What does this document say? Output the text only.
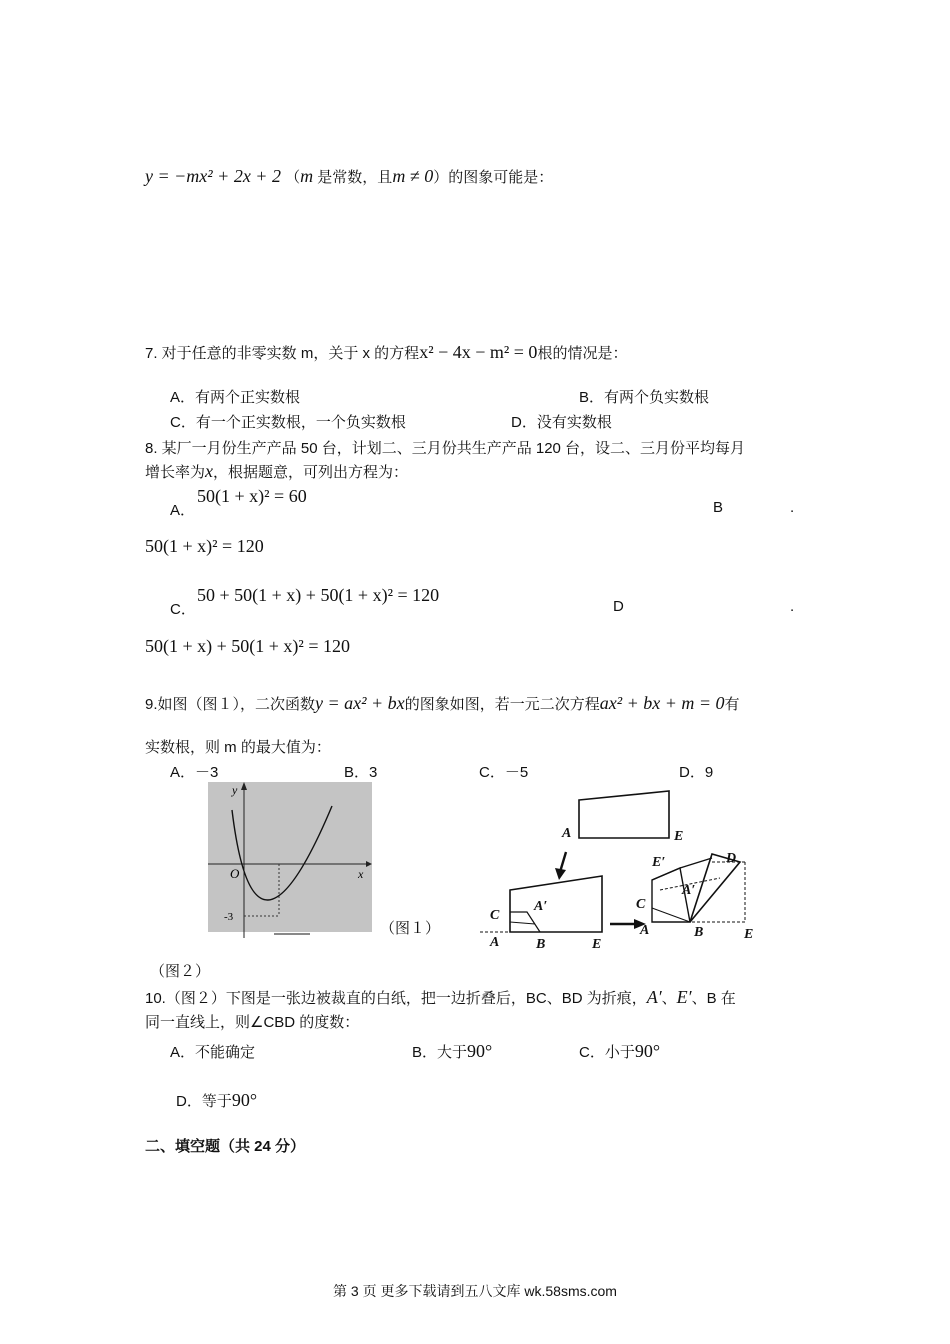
y = −mx² + 2x + 2 （m 是常数，且m ≠ 0）的图象可能是：
7. 对于任意的非零实数 m，关于 x 的方程x² − 4x − m² = 0根的情况是：
A．有两个正实数根	B．有两个负实数根
C．有一个正实数根，一个负实数根	D．没有实数根
8. 某厂一月份生产产品 50 台，计划二、三月份共生产产品 120 台，设二、三月份平均每月
增长率为x，根据题意，可列出方程为：
A．
50(1 + x)² = 60
B	.
50(1 + x)² = 120
C．
50 + 50(1 + x) + 50(1 + x)² = 120
D	.
50(1 + x) + 50(1 + x)² = 120
9.如图（图１），二次函数y = ax² + bx的图象如图，若一元二次方程ax² + bx + m = 0有
实数根，则 m 的最大值为：
A．－3	B．3	C．－5	D．9
y
x
O
-3
（图１）
A	E
A′
C
A	B	E
E′	D
A′
C
A	B	E
（图２）
10.（图２）下图是一张边被裁直的白纸，把一边折叠后，BC、BD 为折痕，A′、E′、B 在
同一直线上，则∠CBD 的度数：
A．不能确定	B．大于90°	C．小于90°
D．等于90°
二、填空题（共 24 分）
第 3 页 更多下载请到五八文库 wk.58sms.com
